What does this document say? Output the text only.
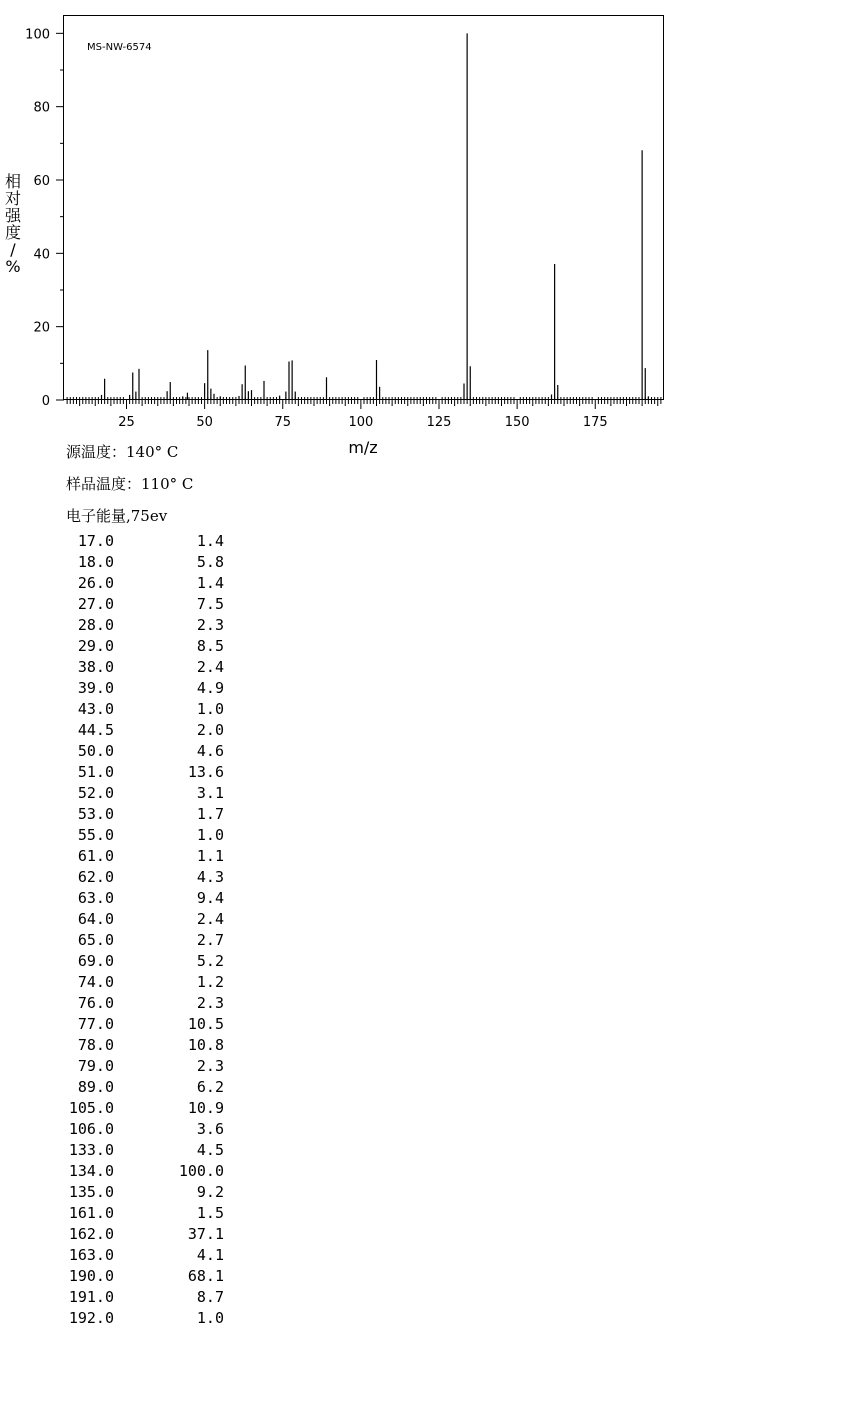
MS-NW-6574
0
20
40
60
80
100
25	50	75	100	125	150	175
相对强度/ %
m/z
源温度：140° C
样品温度：110° C
电子能量,75ev
17.0	1.4
18.0	5.8
26.0	1.4
27.0	7.5
28.0	2.3
29.0	8.5
38.0	2.4
39.0	4.9
43.0	1.0
44.5	2.0
50.0	4.6
51.0	13.6
52.0	3.1
53.0	1.7
55.0	1.0
61.0	1.1
62.0	4.3
63.0	9.4
64.0	2.4
65.0	2.7
69.0	5.2
74.0	1.2
76.0	2.3
77.0	10.5
78.0	10.8
79.0	2.3
89.0	6.2
105.0	10.9
106.0	3.6
133.0	4.5
134.0	100.0
135.0	9.2
161.0	1.5
162.0	37.1
163.0	4.1
190.0	68.1
191.0	8.7
192.0	1.0
